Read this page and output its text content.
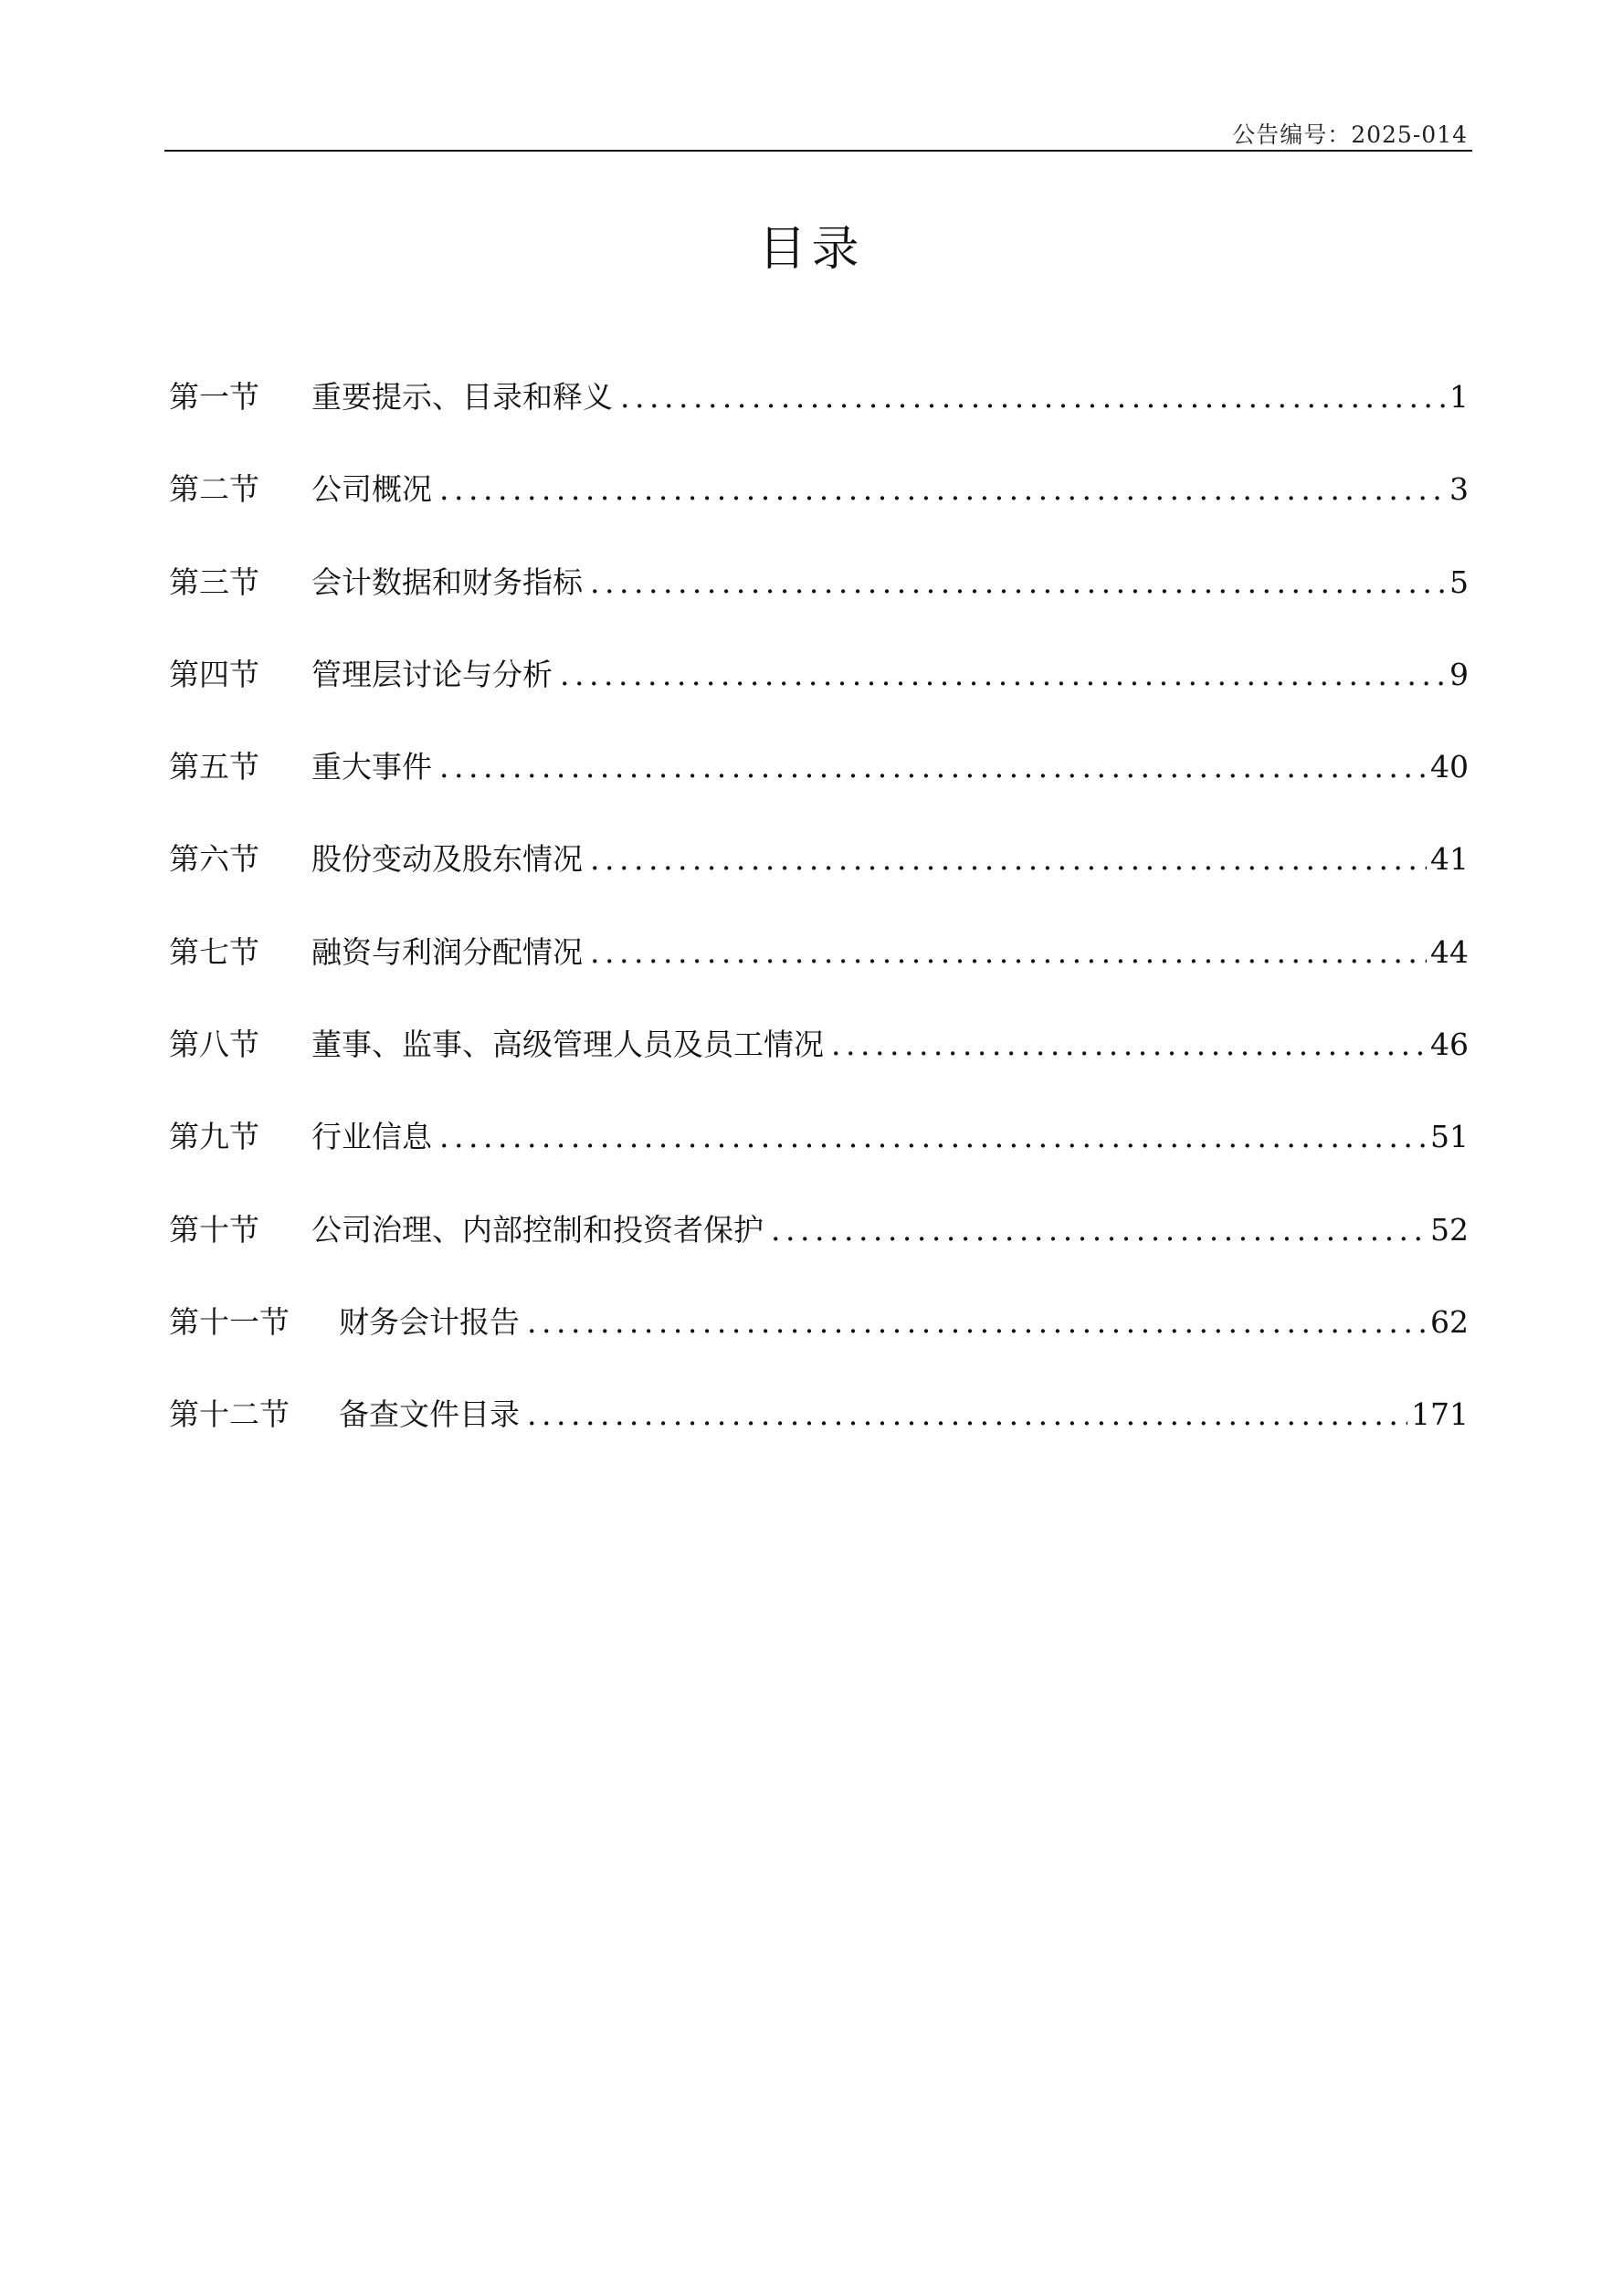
公告编号：2025-014
目录
第一节	重要提示、目录和释义 .....	1
第二节	公司概况 .....	3
第三节	会计数据和财务指标 .....	5
第四节	管理层讨论与分析 .....	9
第五节	重大事件 .....	40
第六节	股份变动及股东情况 .....	41
第七节	融资与利润分配情况 .....	44
第八节	董事、监事、高级管理人员及员工情况 .....	46
第九节	行业信息 .....	51
第十节	公司治理、内部控制和投资者保护 .....	52
第十一节	财务会计报告 .....	62
第十二节	备查文件目录 .....	171
